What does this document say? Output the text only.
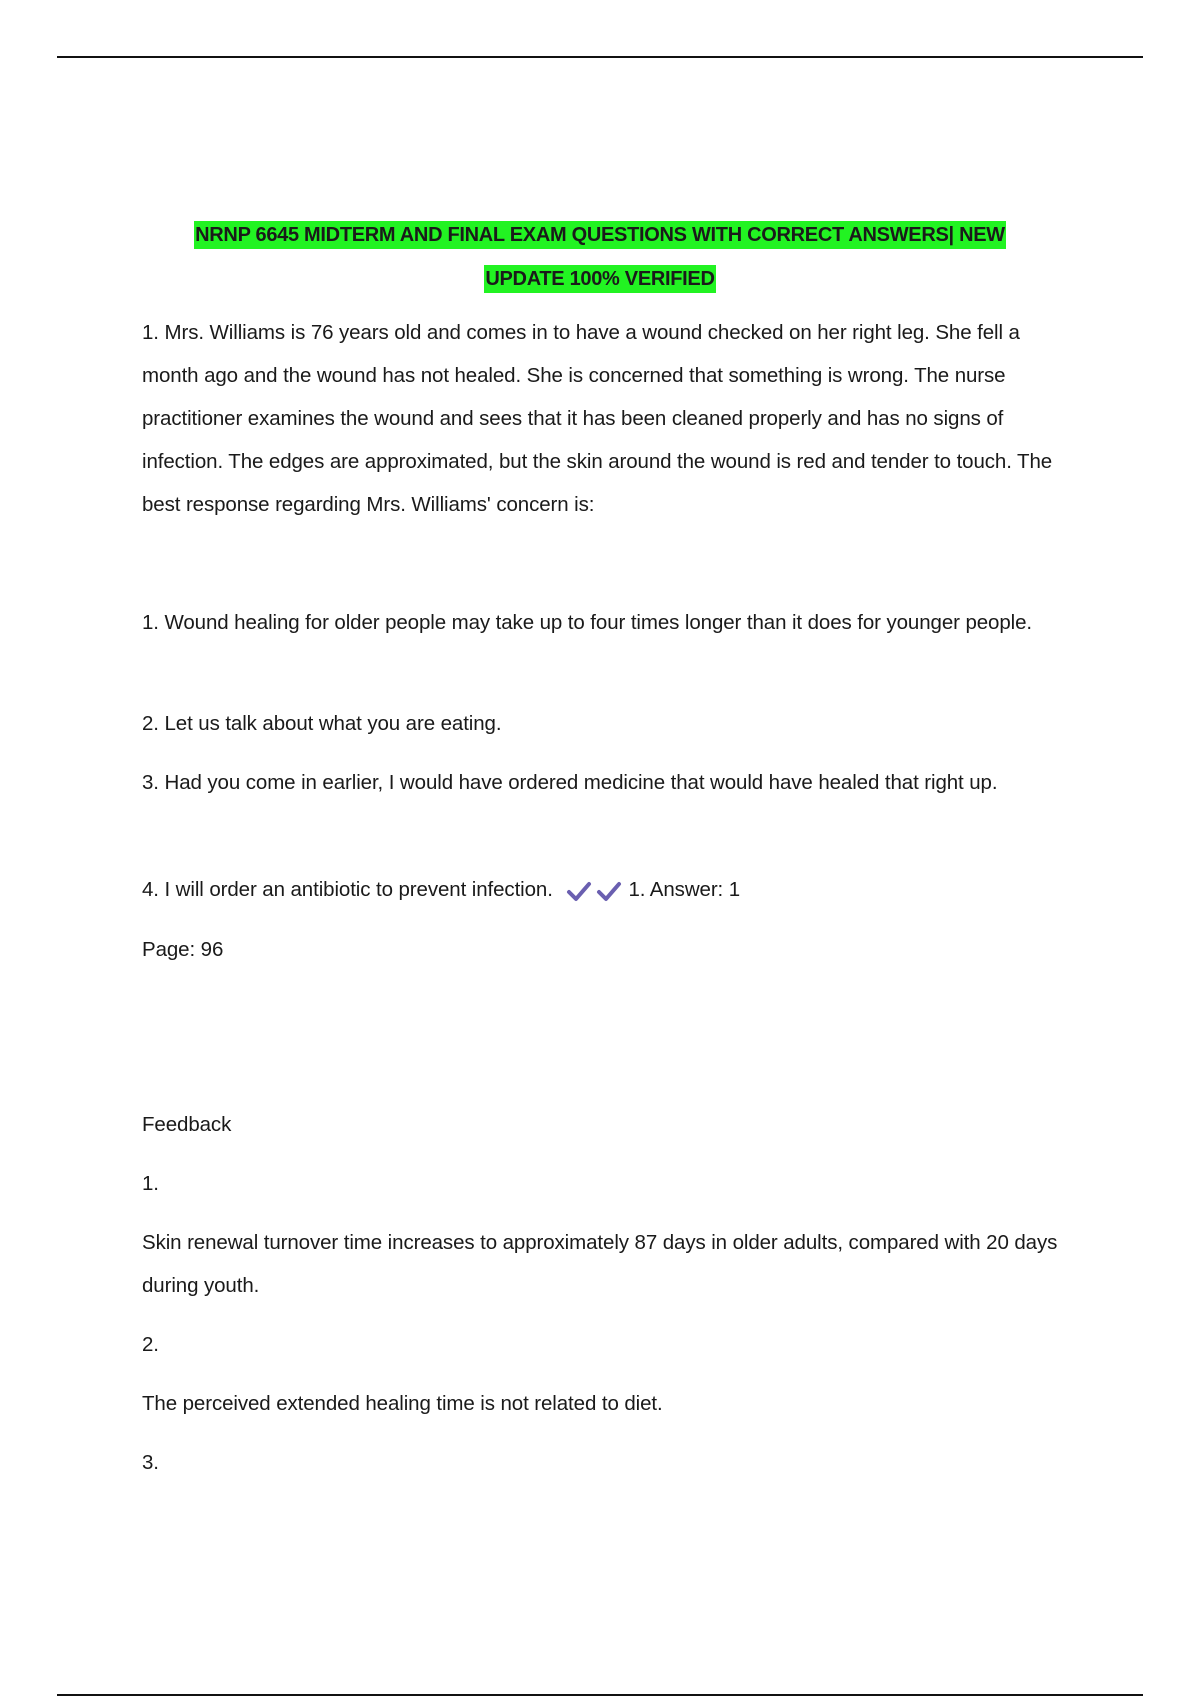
NRNP 6645 MIDTERM AND FINAL EXAM QUESTIONS WITH CORRECT ANSWERS| NEW
UPDATE 100% VERIFIED
1. Mrs. Williams is 76 years old and comes in to have a wound checked on her right leg. She fell a month ago and the wound has not healed. She is concerned that something is wrong. The nurse practitioner examines the wound and sees that it has been cleaned properly and has no signs of infection. The edges are approximated, but the skin around the wound is red and tender to touch. The best response regarding Mrs. Williams' concern is:
1. Wound healing for older people may take up to four times longer than it does for younger people.
2. Let us talk about what you are eating.
3. Had you come in earlier, I would have ordered medicine that would have healed that right up.
4. I will order an antibiotic to prevent infection.	1. Answer: 1
Page: 96
Feedback
1.
Skin renewal turnover time increases to approximately 87 days in older adults, compared with 20 days during youth.
2.
The perceived extended healing time is not related to diet.
3.
